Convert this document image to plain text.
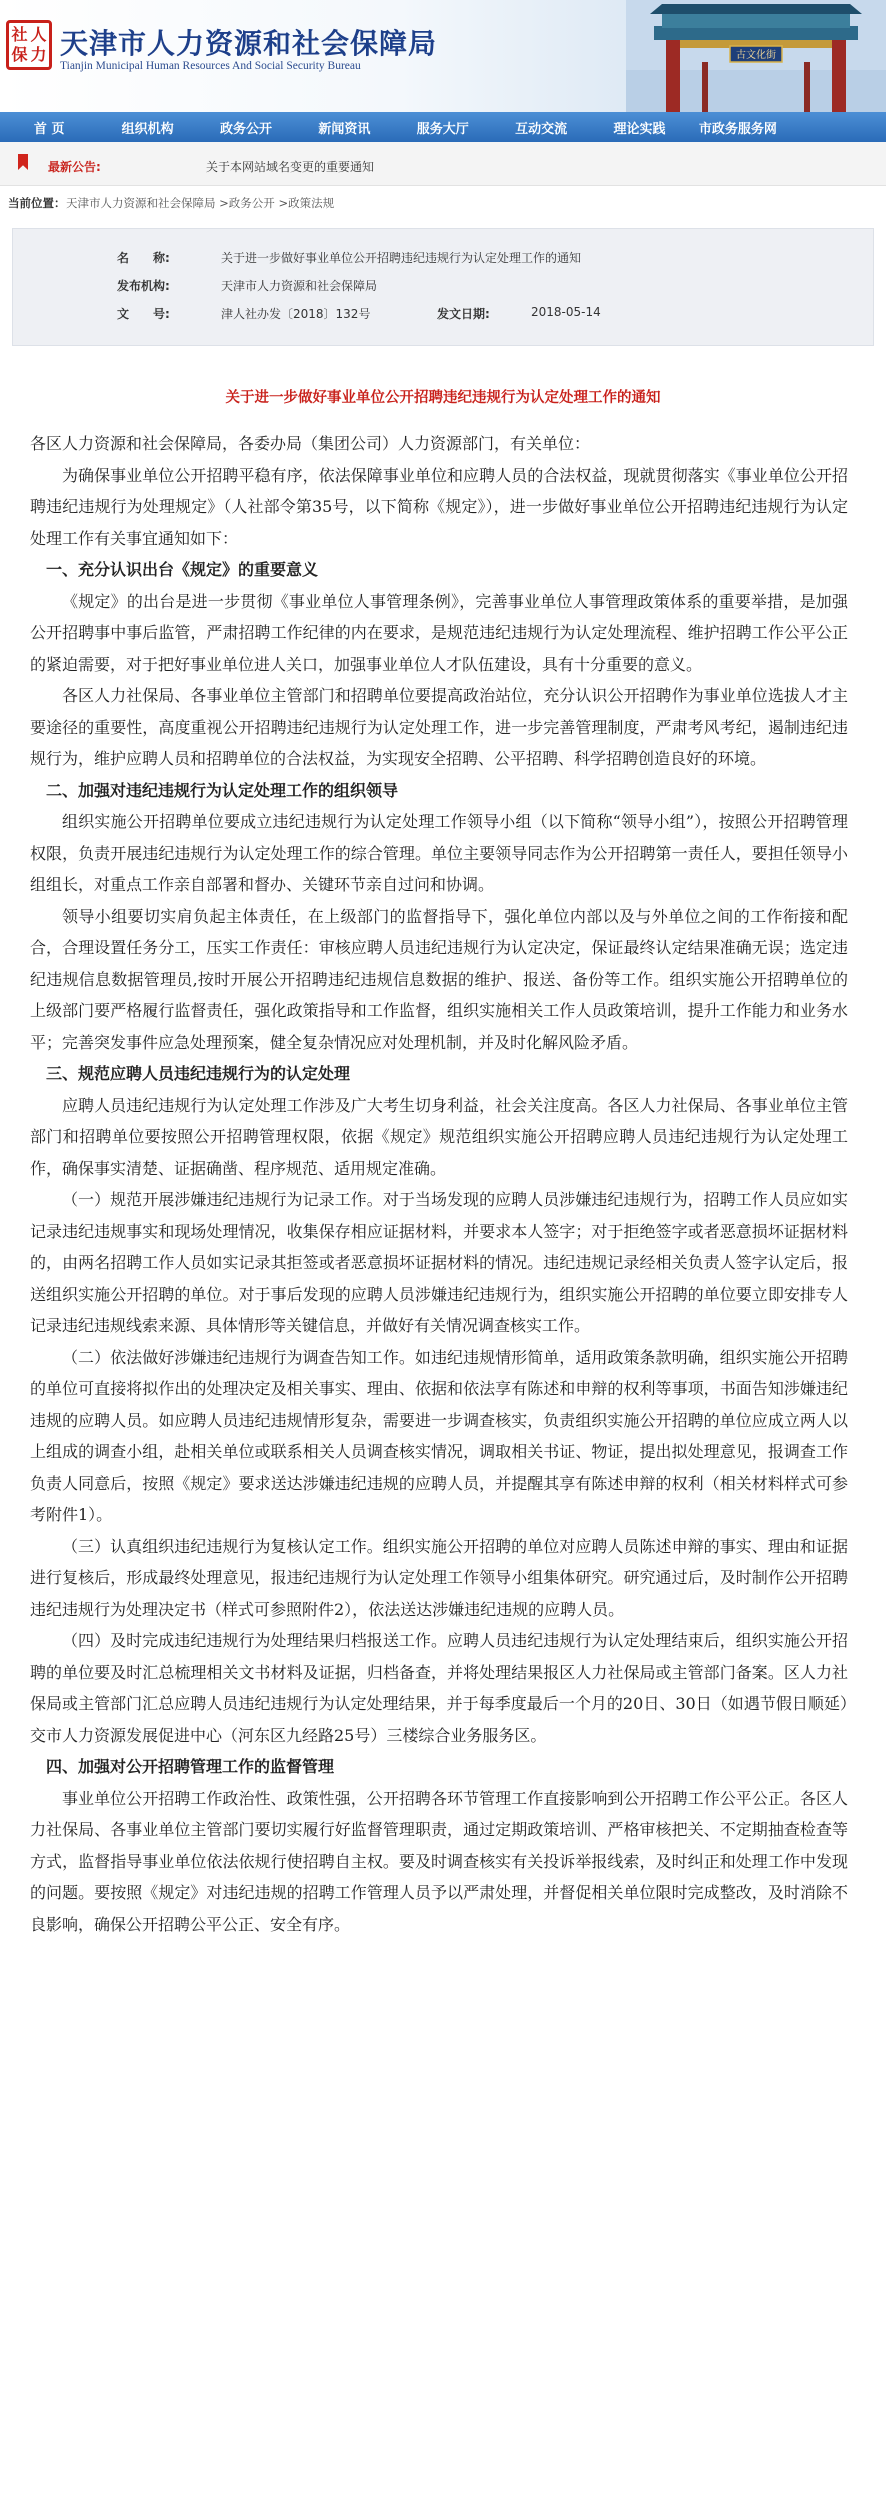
社 人
保 力 天津市人力资源和社会保障局
Tianjin Municipal Human Resources And Social Security Bureau
古文化街
首 页	组织机构	政务公开	新闻资讯	服务大厅	互动交流	理论实践	市政务服务网
最新公告:	关于本网站域名变更的重要通知
当前位置： 天津市人力资源和社会保障局 >政务公开 >政策法规
名　　称:	关于进一步做好事业单位公开招聘违纪违规行为认定处理工作的通知
发布机构:	天津市人力资源和社会保障局
文　　号:	津人社办发〔2018〕132号	发文日期:	2018-05-14
关于进一步做好事业单位公开招聘违纪违规行为认定处理工作的通知

各区人力资源和社会保障局，各委办局（集团公司）人力资源部门，有关单位：

为确保事业单位公开招聘平稳有序，依法保障事业单位和应聘人员的合法权益，现就贯彻落实《事业单位公开招聘违纪违规行为处理规定》（人社部令第35号，以下简称《规定》），进一步做好事业单位公开招聘违纪违规行为认定处理工作有关事宜通知如下：

一、充分认识出台《规定》的重要意义

《规定》的出台是进一步贯彻《事业单位人事管理条例》，完善事业单位人事管理政策体系的重要举措，是加强公开招聘事中事后监管，严肃招聘工作纪律的内在要求，是规范违纪违规行为认定处理流程、维护招聘工作公平公正的紧迫需要，对于把好事业单位进人关口，加强事业单位人才队伍建设，具有十分重要的意义。

各区人力社保局、各事业单位主管部门和招聘单位要提高政治站位，充分认识公开招聘作为事业单位选拔人才主要途径的重要性，高度重视公开招聘违纪违规行为认定处理工作，进一步完善管理制度，严肃考风考纪，遏制违纪违规行为，维护应聘人员和招聘单位的合法权益，为实现安全招聘、公平招聘、科学招聘创造良好的环境。

二、加强对违纪违规行为认定处理工作的组织领导

组织实施公开招聘单位要成立违纪违规行为认定处理工作领导小组（以下简称“领导小组”），按照公开招聘管理权限，负责开展违纪违规行为认定处理工作的综合管理。单位主要领导同志作为公开招聘第一责任人，要担任领导小组组长，对重点工作亲自部署和督办、关键环节亲自过问和协调。

领导小组要切实肩负起主体责任，在上级部门的监督指导下，强化单位内部以及与外单位之间的工作衔接和配合，合理设置任务分工，压实工作责任：审核应聘人员违纪违规行为认定决定，保证最终认定结果准确无误；选定违纪违规信息数据管理员,按时开展公开招聘违纪违规信息数据的维护、报送、备份等工作。组织实施公开招聘单位的上级部门要严格履行监督责任，强化政策指导和工作监督，组织实施相关工作人员政策培训，提升工作能力和业务水平；完善突发事件应急处理预案，健全复杂情况应对处理机制，并及时化解风险矛盾。

三、规范应聘人员违纪违规行为的认定处理

应聘人员违纪违规行为认定处理工作涉及广大考生切身利益，社会关注度高。各区人力社保局、各事业单位主管部门和招聘单位要按照公开招聘管理权限，依据《规定》规范组织实施公开招聘应聘人员违纪违规行为认定处理工作，确保事实清楚、证据确凿、程序规范、适用规定准确。

（一）规范开展涉嫌违纪违规行为记录工作。对于当场发现的应聘人员涉嫌违纪违规行为，招聘工作人员应如实记录违纪违规事实和现场处理情况，收集保存相应证据材料，并要求本人签字；对于拒绝签字或者恶意损坏证据材料的，由两名招聘工作人员如实记录其拒签或者恶意损坏证据材料的情况。违纪违规记录经相关负责人签字认定后，报送组织实施公开招聘的单位。对于事后发现的应聘人员涉嫌违纪违规行为，组织实施公开招聘的单位要立即安排专人记录违纪违规线索来源、具体情形等关键信息，并做好有关情况调查核实工作。

（二）依法做好涉嫌违纪违规行为调查告知工作。如违纪违规情形简单，适用政策条款明确，组织实施公开招聘的单位可直接将拟作出的处理决定及相关事实、理由、依据和依法享有陈述和申辩的权利等事项，书面告知涉嫌违纪违规的应聘人员。如应聘人员违纪违规情形复杂，需要进一步调查核实，负责组织实施公开招聘的单位应成立两人以上组成的调查小组，赴相关单位或联系相关人员调查核实情况，调取相关书证、物证，提出拟处理意见，报调查工作负责人同意后，按照《规定》要求送达涉嫌违纪违规的应聘人员，并提醒其享有陈述申辩的权利（相关材料样式可参考附件1）。

（三）认真组织违纪违规行为复核认定工作。组织实施公开招聘的单位对应聘人员陈述申辩的事实、理由和证据进行复核后，形成最终处理意见，报违纪违规行为认定处理工作领导小组集体研究。研究通过后，及时制作公开招聘违纪违规行为处理决定书（样式可参照附件2），依法送达涉嫌违纪违规的应聘人员。

（四）及时完成违纪违规行为处理结果归档报送工作。应聘人员违纪违规行为认定处理结束后，组织实施公开招聘的单位要及时汇总梳理相关文书材料及证据，归档备查，并将处理结果报区人力社保局或主管部门备案。区人力社保局或主管部门汇总应聘人员违纪违规行为认定处理结果，并于每季度最后一个月的20日、30日（如遇节假日顺延）交市人力资源发展促进中心（河东区九经路25号）三楼综合业务服务区。

四、加强对公开招聘管理工作的监督管理

事业单位公开招聘工作政治性、政策性强，公开招聘各环节管理工作直接影响到公开招聘工作公平公正。各区人力社保局、各事业单位主管部门要切实履行好监督管理职责，通过定期政策培训、严格审核把关、不定期抽查检查等方式，监督指导事业单位依法依规行使招聘自主权。要及时调查核实有关投诉举报线索，及时纠正和处理工作中发现的问题。要按照《规定》对违纪违规的招聘工作管理人员予以严肃处理，并督促相关单位限时完成整改，及时消除不良影响，确保公开招聘公平公正、安全有序。
